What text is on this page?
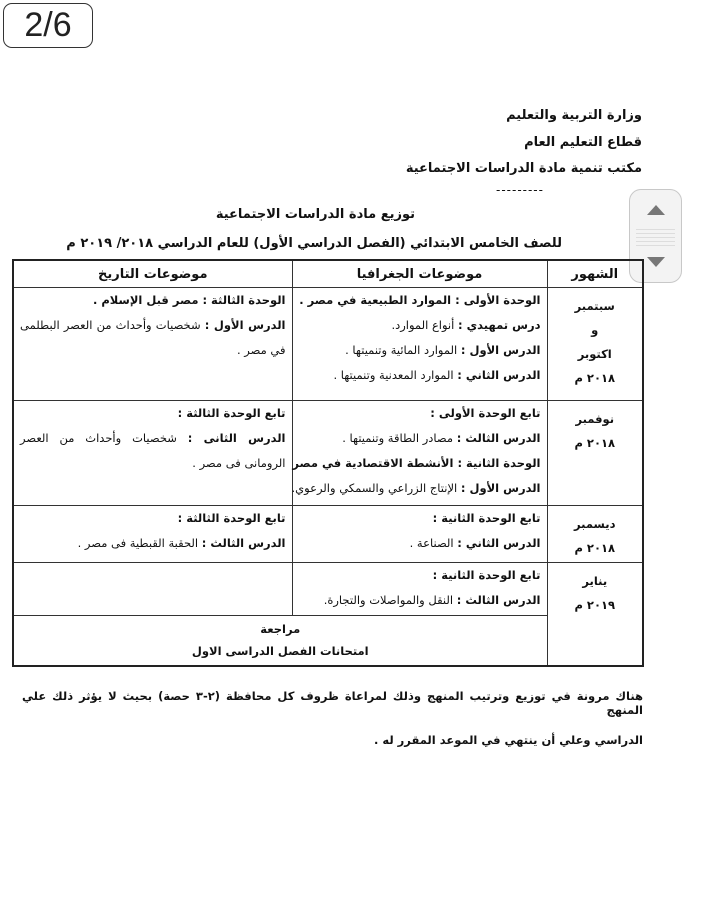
2/6
وزارة التربية والتعليم
قطاع التعليم العام
مكتب تنمية مادة الدراسات الاجتماعية
---------
توزيع مادة الدراسات الاجتماعية
للصف الخامس الابتدائي (الفصل الدراسي الأول) للعام الدراسي ٢٠١٨/ ٢٠١٩ م
الشهور	موضوعات الجغرافيا	موضوعات التاريخ

سبتمبر
و
اكتوبر
٢٠١٨ م	الوحدة الأولى : الموارد الطبيعية في مصر .
درس تمهيدي : أنواع الموارد.
الدرس الأول : الموارد المائية وتنميتها .
الدرس الثاني : الموارد المعدنية وتنميتها .	الوحدة الثالثة : مصر قبل الإسلام .
الدرس الأول : شخصيات وأحداث من العصر البطلمى في مصر .

نوفمبر
٢٠١٨ م	تابع الوحدة الأولى :
الدرس الثالث : مصادر الطاقة وتنميتها .
الوحدة الثانية : الأنشطة الاقتصادية في مصر
الدرس الأول : الإنتاج الزراعي والسمكي والرعوي.	تابع الوحدة الثالثة :
الدرس الثانى : شخصيات وأحداث من العصر الرومانى فى مصر .

ديسمبر
٢٠١٨ م	تابع الوحدة الثانية :
الدرس الثاني : الصناعة .	تابع الوحدة الثالثة :
الدرس الثالث : الحقبة القبطية فى مصر .

يناير
٢٠١٩ م	تابع الوحدة الثانية :
الدرس الثالث : النقل والمواصلات والتجارة.	

	مراجعة
امتحانات الفصل الدراسى الاول	
هناك مرونة في توزيع وترتيب المنهج وذلك لمراعاة ظروف كل محافظة (٢-٣ حصة) بحيث لا يؤثر ذلك علي المنهج
الدراسي وعلي أن ينتهي في الموعد المقرر له .
